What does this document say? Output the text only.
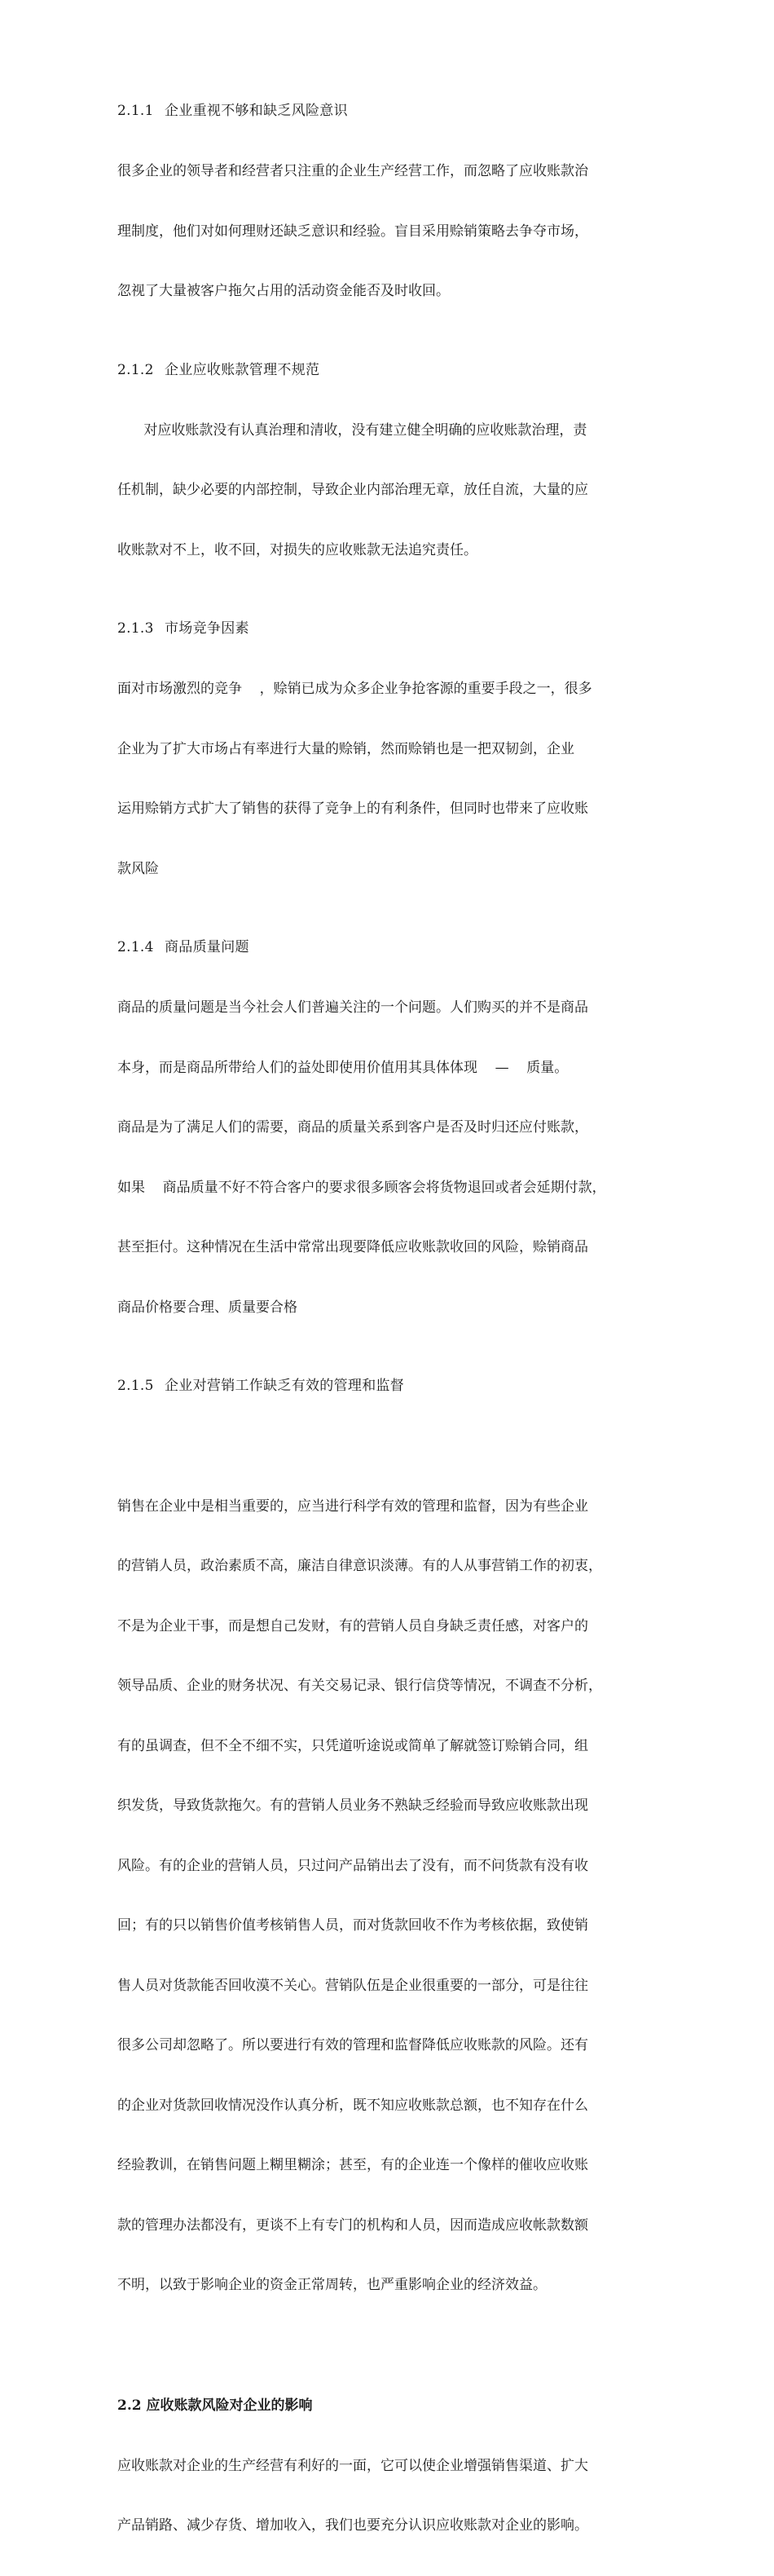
2.1.1 企业重视不够和缺乏风险意识

很多企业的领导者和经营者只注重的企业生产经营工作，而忽略了应收账款治

理制度，他们对如何理财还缺乏意识和经验。盲目采用赊销策略去争夺市场，

忽视了大量被客户拖欠占用的活动资金能否及时收回。

2.1.2 企业应收账款管理不规范

对应收账款没有认真治理和清收，没有建立健全明确的应收账款治理，责

任机制，缺少必要的内部控制，导致企业内部治理无章，放任自流，大量的应

收账款对不上，收不回，对损失的应收账款无法追究责任。

2.1.3 市场竞争因素

面对市场激烈的竞争    ，赊销已成为众多企业争抢客源的重要手段之一，很多

企业为了扩大市场占有率进行大量的赊销，然而赊销也是一把双韧剑，企业

运用赊销方式扩大了销售的获得了竞争上的有利条件，但同时也带来了应收账

款风险

2.1.4 商品质量问题

商品的质量问题是当今社会人们普遍关注的一个问题。人们购买的并不是商品

本身，而是商品所带给人们的益处即使用价值用其具体体现    —    质量。

商品是为了满足人们的需要，商品的质量关系到客户是否及时归还应付账款，

如果    商品质量不好不符合客户的要求很多顾客会将货物退回或者会延期付款，

甚至拒付。这种情况在生活中常常出现要降低应收账款收回的风险，赊销商品

商品价格要合理、质量要合格

2.1.5 企业对营销工作缺乏有效的管理和监督

销售在企业中是相当重要的，应当进行科学有效的管理和监督，因为有些企业

的营销人员，政治素质不高，廉洁自律意识淡薄。有的人从事营销工作的初衷，

不是为企业干事，而是想自己发财，有的营销人员自身缺乏责任感，对客户的

领导品质、企业的财务状况、有关交易记录、银行信贷等情况，不调查不分析，

有的虽调查，但不全不细不实，只凭道听途说或简单了解就签订赊销合同，组

织发货，导致货款拖欠。有的营销人员业务不熟缺乏经验而导致应收账款出现

风险。有的企业的营销人员，只过问产品销出去了没有，而不问货款有没有收

回；有的只以销售价值考核销售人员，而对货款回收不作为考核依据，致使销

售人员对货款能否回收漠不关心。营销队伍是企业很重要的一部分，可是往往

很多公司却忽略了。所以要进行有效的管理和监督降低应收账款的风险。还有

的企业对货款回收情况没作认真分析，既不知应收账款总额，也不知存在什么

经验教训，在销售问题上糊里糊涂；甚至，有的企业连一个像样的催收应收账

款的管理办法都没有，更谈不上有专门的机构和人员，因而造成应收帐款数额

不明，以致于影响企业的资金正常周转，也严重影响企业的经济效益。

2.2 应收账款风险对企业的影响

应收账款对企业的生产经营有利好的一面，它可以使企业增强销售渠道、扩大

产品销路、减少存货、增加收入，我们也要充分认识应收账款对企业的影响。
